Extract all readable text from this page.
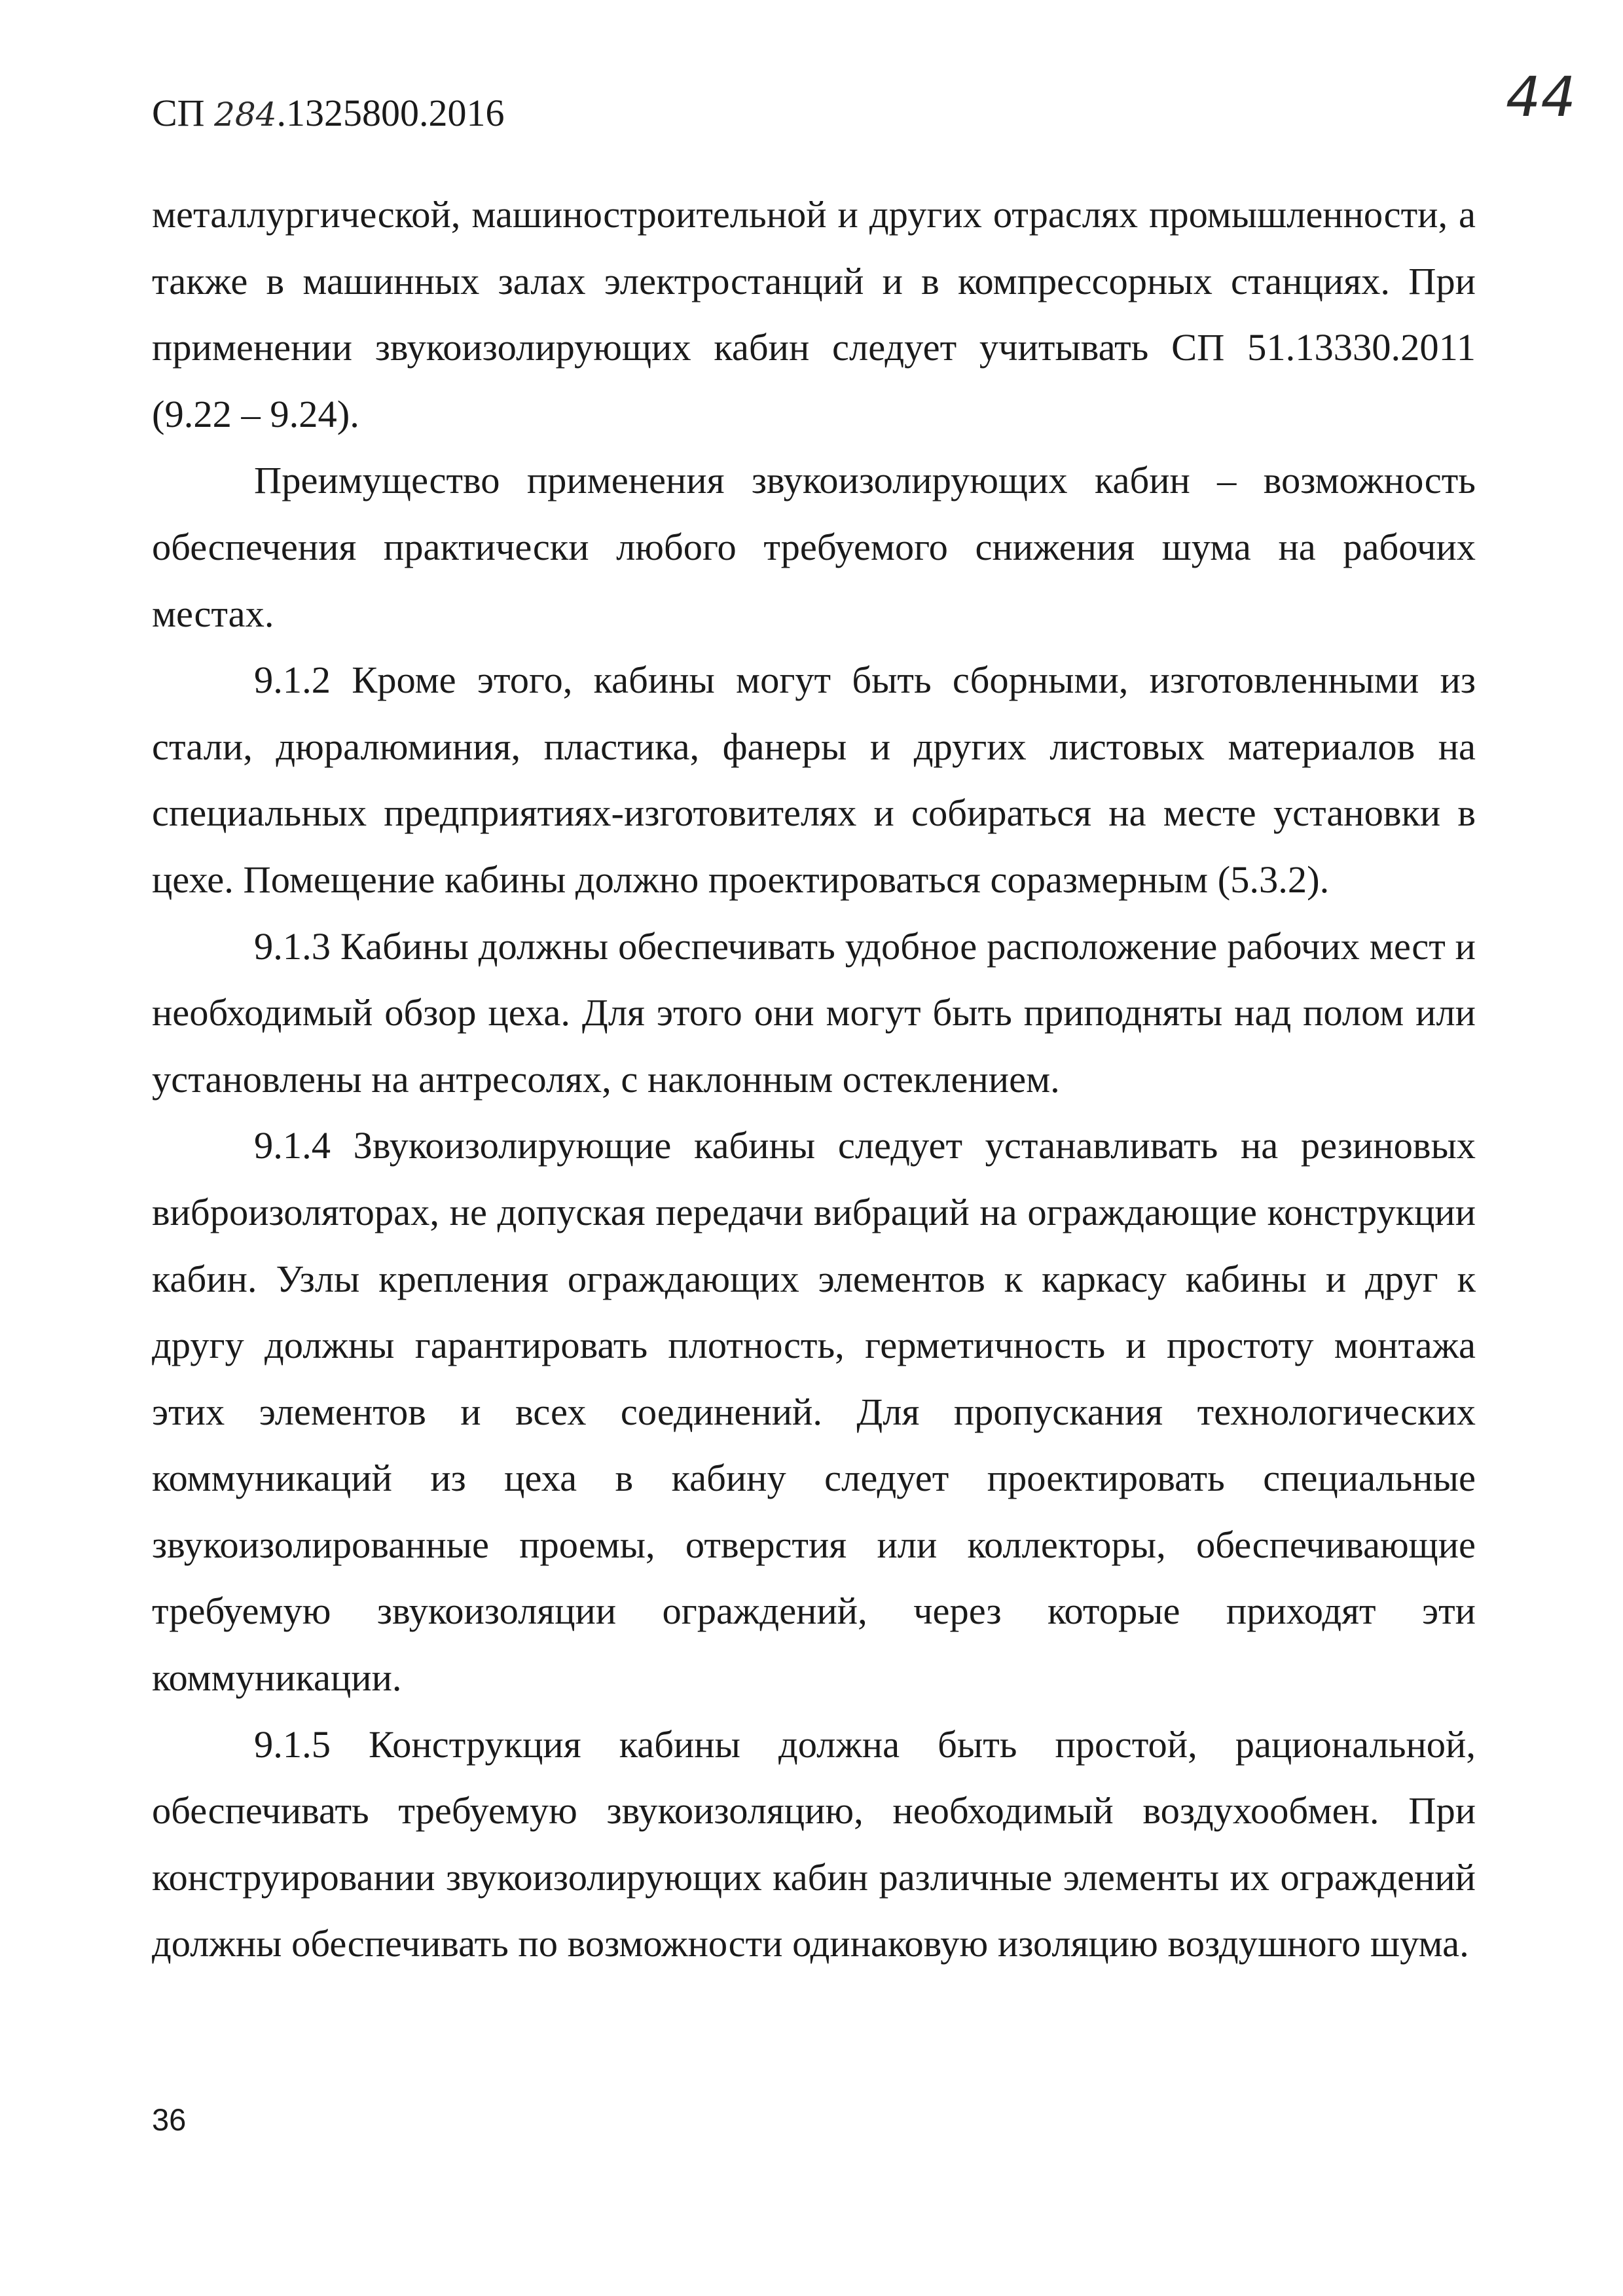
СП 284.1325800.2016	44

металлургической, машиностроительной и других отраслях промышленности, а также в машинных залах электростанций и в компрессорных станциях. При применении звукоизолирующих кабин следует учитывать СП 51.13330.2011 (9.22 – 9.24).

Преимущество применения звукоизолирующих кабин – возможность обеспечения практически любого требуемого снижения шума на рабочих местах.

9.1.2 Кроме этого, кабины могут быть сборными, изготовленными из стали, дюралюминия, пластика, фанеры и других листовых материалов на специальных предприятиях-изготовителях и собираться на месте установки в цехе. Помещение кабины должно проектироваться соразмерным (5.3.2).

9.1.3 Кабины должны обеспечивать удобное расположение рабочих мест и необходимый обзор цеха. Для этого они могут быть приподняты над полом или установлены на антресолях, с наклонным остеклением.

9.1.4 Звукоизолирующие кабины следует устанавливать на резиновых виброизоляторах, не допуская передачи вибраций на ограждающие конструкции кабин. Узлы крепления ограждающих элементов к каркасу кабины и друг к другу должны гарантировать плотность, герметичность и простоту монтажа этих элементов и всех соединений. Для пропускания технологических коммуникаций из цеха в кабину следует проектировать специальные звукоизолированные проемы, отверстия или коллекторы, обеспечивающие требуемую звукоизоляции ограждений, через которые приходят эти коммуникации.

9.1.5 Конструкция кабины должна быть простой, рациональной, обеспечивать требуемую звукоизоляцию, необходимый воздухообмен. При конструировании звукоизолирующих кабин различные элементы их ограждений должны обеспечивать по возможности одинаковую изоляцию воздушного шума.

36
